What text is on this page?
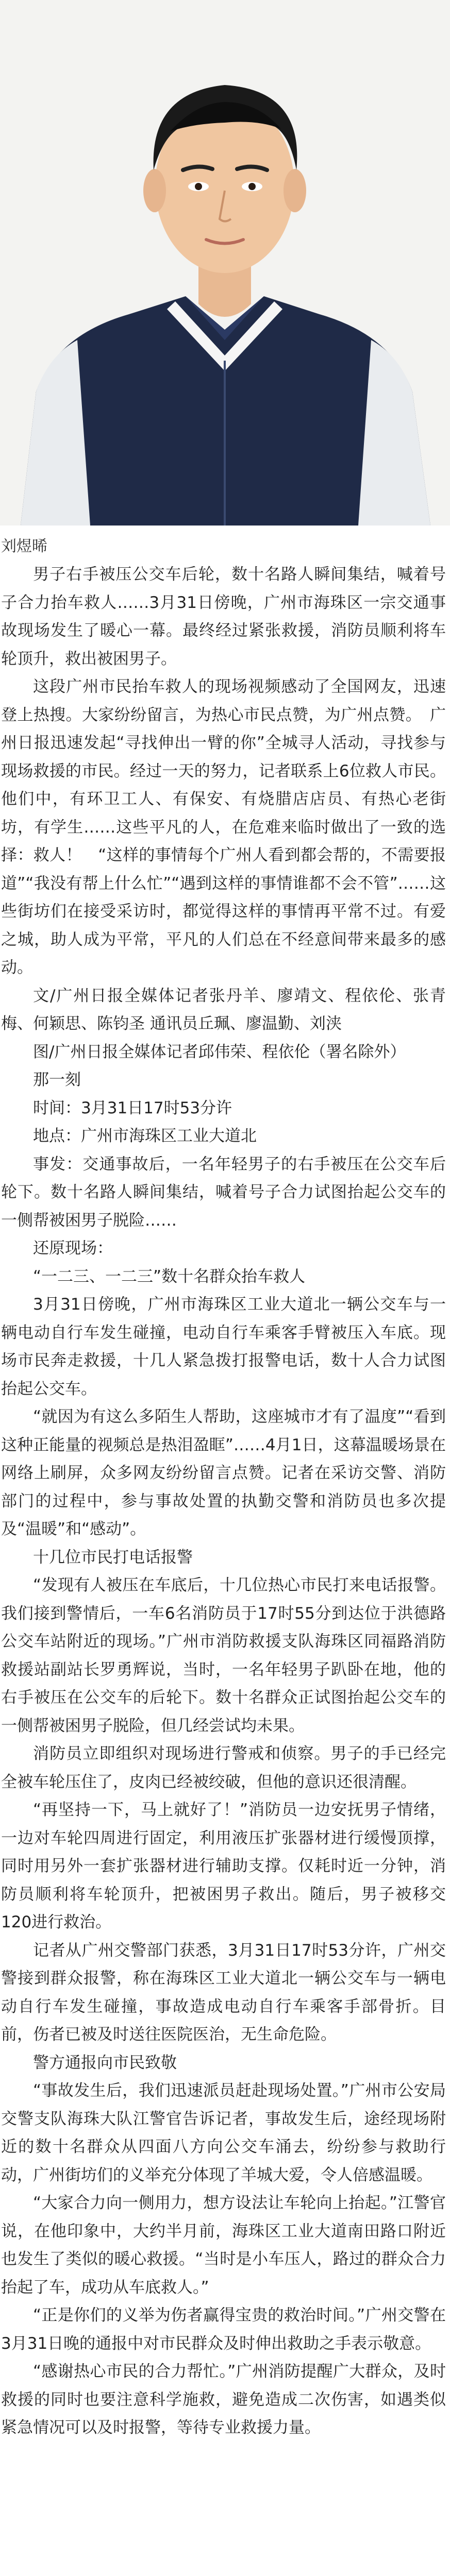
刘煜晞

男子右手被压公交车后轮，数十名路人瞬间集结，喊着号子合力抬车救人……3月31日傍晚，广州市海珠区一宗交通事故现场发生了暖心一幕。最终经过紧张救援，消防员顺利将车轮顶升，救出被困男子。

这段广州市民抬车救人的现场视频感动了全国网友，迅速登上热搜。大家纷纷留言，为热心市民点赞，为广州点赞。　广州日报迅速发起“寻找伸出一臂的你”全城寻人活动，寻找参与现场救援的市民。经过一天的努力，记者联系上6位救人市民。他们中，有环卫工人、有保安、有烧腊店店员、有热心老街坊，有学生……这些平凡的人，在危难来临时做出了一致的选择：救人！　“这样的事情每个广州人看到都会帮的，不需要报道”“我没有帮上什么忙”“遇到这样的事情谁都不会不管”……这些街坊们在接受采访时，都觉得这样的事情再平常不过。有爱之城，助人成为平常，平凡的人们总在不经意间带来最多的感动。

文/广州日报全媒体记者张丹羊、廖靖文、程依伦、张青梅、何颖思、陈钧圣 通讯员丘珮、廖温勤、刘浃

图/广州日报全媒体记者邱伟荣、程依伦（署名除外）

那一刻

时间：3月31日17时53分许

地点：广州市海珠区工业大道北

事发：交通事故后，一名年轻男子的右手被压在公交车后轮下。数十名路人瞬间集结，喊着号子合力试图抬起公交车的一侧帮被困男子脱险……

还原现场：

“一二三、一二三”数十名群众抬车救人

3月31日傍晚，广州市海珠区工业大道北一辆公交车与一辆电动自行车发生碰撞，电动自行车乘客手臂被压入车底。现场市民奔走救援，十几人紧急拨打报警电话，数十人合力试图抬起公交车。

“就因为有这么多陌生人帮助，这座城市才有了温度”“看到这种正能量的视频总是热泪盈眶”……4月1日，这幕温暖场景在网络上刷屏，众多网友纷纷留言点赞。记者在采访交警、消防部门的过程中，参与事故处置的执勤交警和消防员也多次提及“温暖”和“感动”。

十几位市民打电话报警

“发现有人被压在车底后，十几位热心市民打来电话报警。我们接到警情后，一车6名消防员于17时55分到达位于洪德路公交车站附近的现场。”广州市消防救援支队海珠区同福路消防救援站副站长罗勇辉说，当时，一名年轻男子趴卧在地，他的右手被压在公交车的后轮下。数十名群众正试图抬起公交车的一侧帮被困男子脱险，但几经尝试均未果。

消防员立即组织对现场进行警戒和侦察。男子的手已经完全被车轮压住了，皮肉已经被绞破，但他的意识还很清醒。

“再坚持一下，马上就好了！”消防员一边安抚男子情绪，一边对车轮四周进行固定，利用液压扩张器材进行缓慢顶撑，同时用另外一套扩张器材进行辅助支撑。仅耗时近一分钟，消防员顺利将车轮顶升，把被困男子救出。随后，男子被移交120进行救治。

记者从广州交警部门获悉，3月31日17时53分许，广州交警接到群众报警，称在海珠区工业大道北一辆公交车与一辆电动自行车发生碰撞，事故造成电动自行车乘客手部骨折。目前，伤者已被及时送往医院医治，无生命危险。

警方通报向市民致敬

“事故发生后，我们迅速派员赶赴现场处置。”广州市公安局交警支队海珠大队江警官告诉记者，事故发生后，途经现场附近的数十名群众从四面八方向公交车涌去，纷纷参与救助行动，广州街坊们的义举充分体现了羊城大爱，令人倍感温暖。

“大家合力向一侧用力，想方设法让车轮向上抬起。”江警官说，在他印象中，大约半月前，海珠区工业大道南田路口附近也发生了类似的暖心救援。“当时是小车压人，路过的群众合力抬起了车，成功从车底救人。”

“正是你们的义举为伤者赢得宝贵的救治时间。”广州交警在3月31日晚的通报中对市民群众及时伸出救助之手表示敬意。

“感谢热心市民的合力帮忙。”广州消防提醒广大群众，及时救援的同时也要注意科学施救，避免造成二次伤害，如遇类似紧急情况可以及时报警，等待专业救援力量。
